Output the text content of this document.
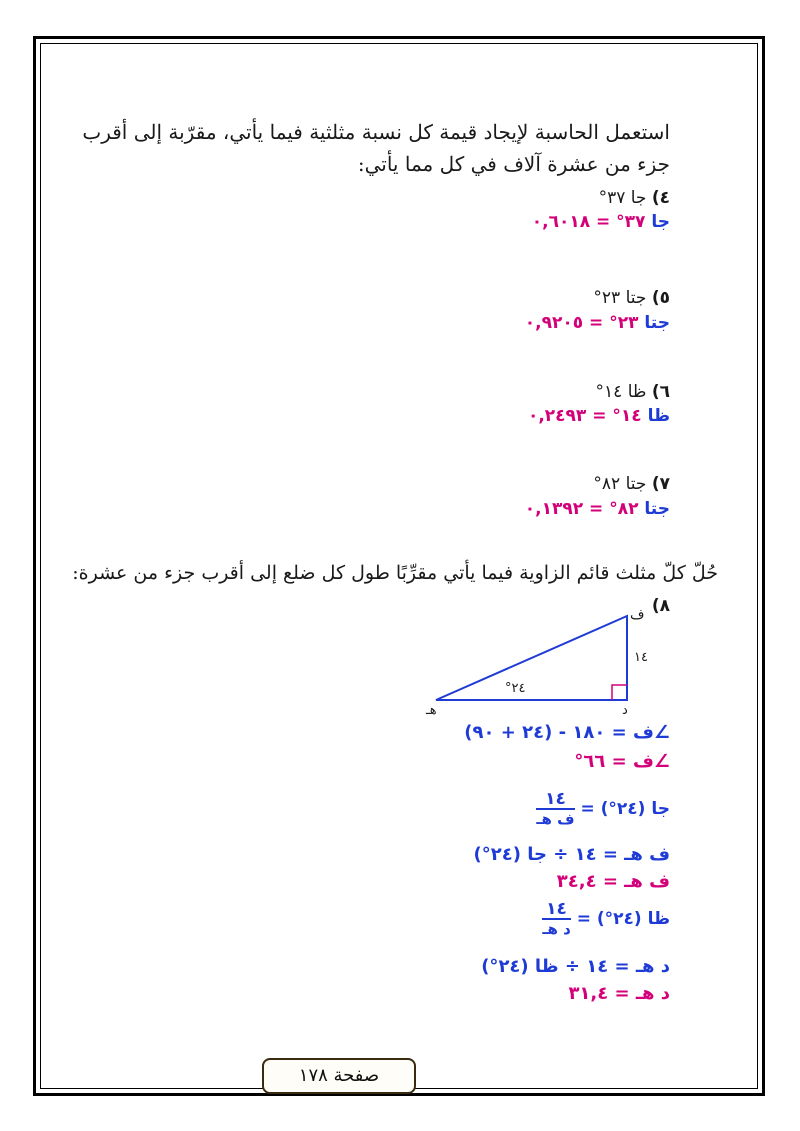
استعمل الحاسبة لإيجاد قيمة كل نسبة مثلثية فيما يأتي، مقرّبة إلى أقرب
جزء من عشرة آلاف في كل مما يأتي:
٤) جا ٣٧°
جا ٣٧° = ٠,٦٠١٨
٥) جتا ٢٣°
جتا ٢٣° = ٠,٩٢٠٥
٦) ظا ١٤°
ظا ١٤° = ٠,٢٤٩٣
٧) جتا ٨٢°
جتا ٨٢° = ٠,١٣٩٢
حُلّ كلّ مثلث قائم الزاوية فيما يأتي مقرِّبًا طول كل ضلع إلى أقرب جزء من عشرة:
٨)
ف
د
هـ
١٤
°٢٤
∠ف = ١٨٠ - (٢٤ + ٩٠)
∠ف = ٦٦°
جا (٢٤°) =
$\frac{١٤}{\text{ف هـ}}$
ف هـ = ١٤ ÷ جا (٢٤°)
ف هـ = ٣٤,٤
ظا (٢٤°) =
$\frac{١٤}{\text{د هـ}}$
د هـ = ١٤ ÷ ظا (٢٤°)
د هـ = ٣١,٤
صفحة ١٧٨
